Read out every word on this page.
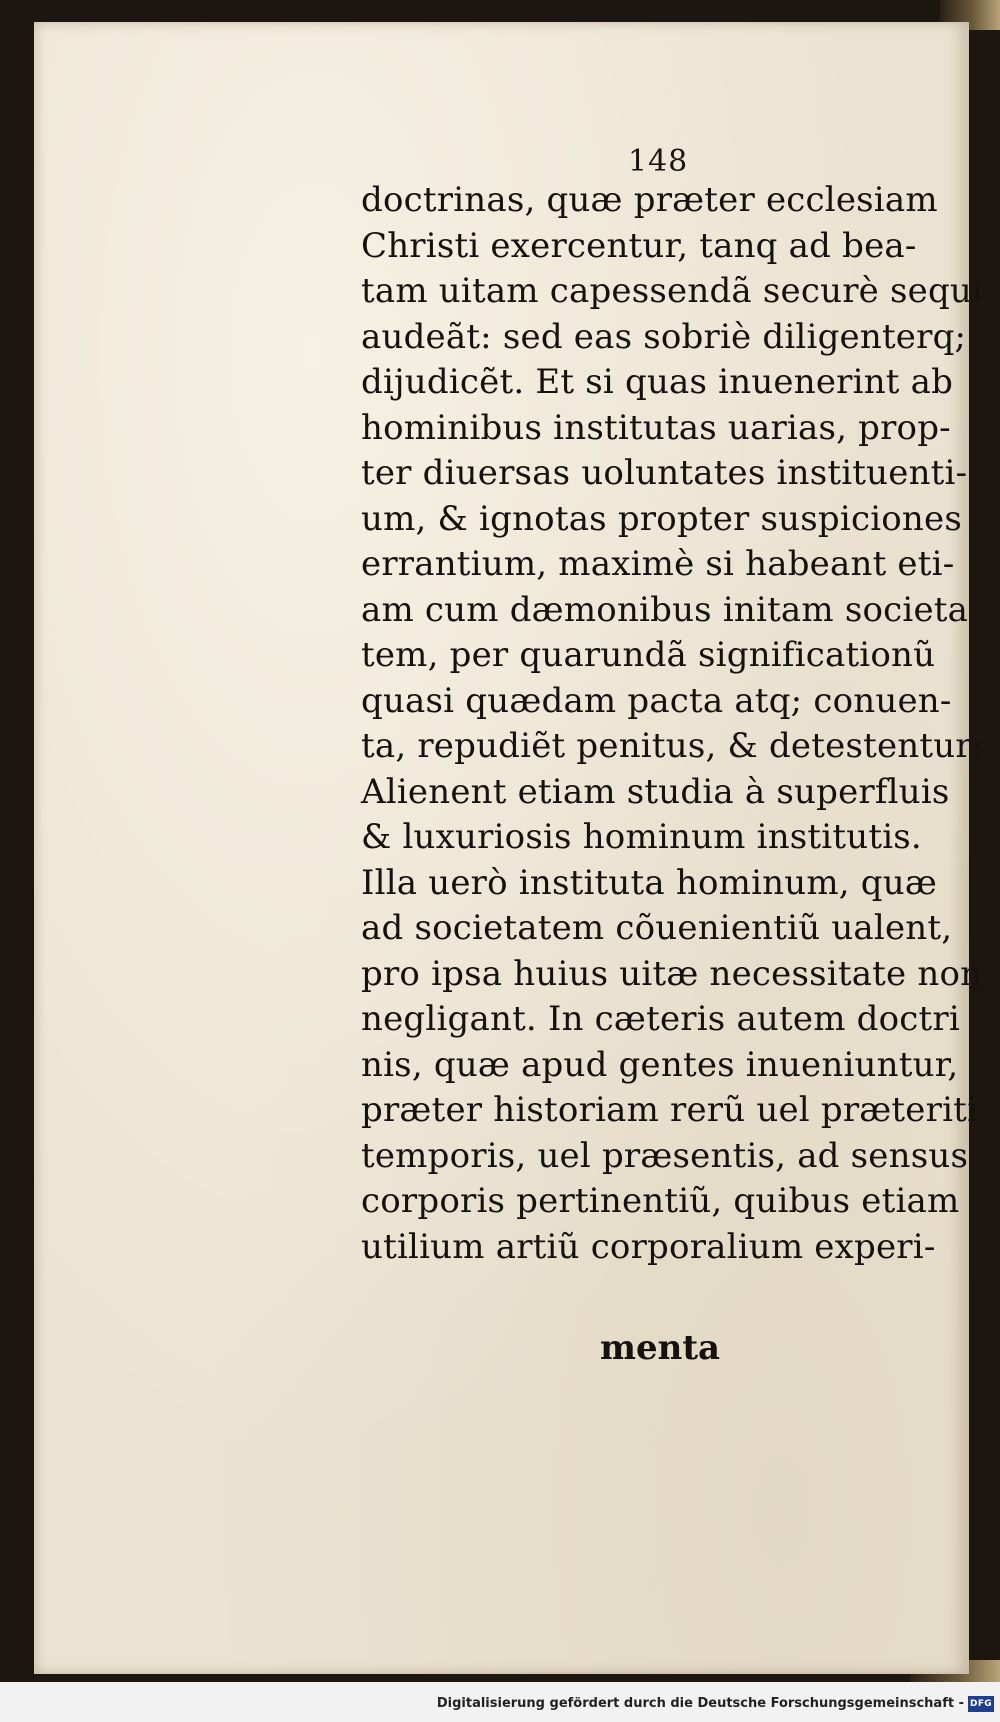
148
doctrinas, quæ præter ecclesiam
Christi exercentur, tanq ad bea-
tam uitam capessendã securè sequi
audeãt: sed eas sobriè diligenterq;
dijudicẽt. Et si quas inuenerint ab
hominibus institutas uarias, prop-
ter diuersas uoluntates instituenti-
um, & ignotas propter suspiciones
errantium, maximè si habeant eti-
am cum dæmonibus initam societa
tem, per quarundã significationũ
quasi quædam pacta atq; conuen-
ta, repudiẽt penitus, & detestentur:
Alienent etiam studia à superfluis
& luxuriosis hominum institutis.
Illa uerò instituta hominum, quæ
ad societatem cõuenientiũ ualent,
pro ipsa huius uitæ necessitate non
negligant. In cæteris autem doctri
nis, quæ apud gentes inueniuntur,
præter historiam rerũ uel præteriti
temporis, uel præsentis, ad sensus
corporis pertinentiũ, quibus etiam
utilium artiũ corporalium experi-
menta
Digitalisierung gefördert durch die Deutsche Forschungsgemeinschaft - DFG
